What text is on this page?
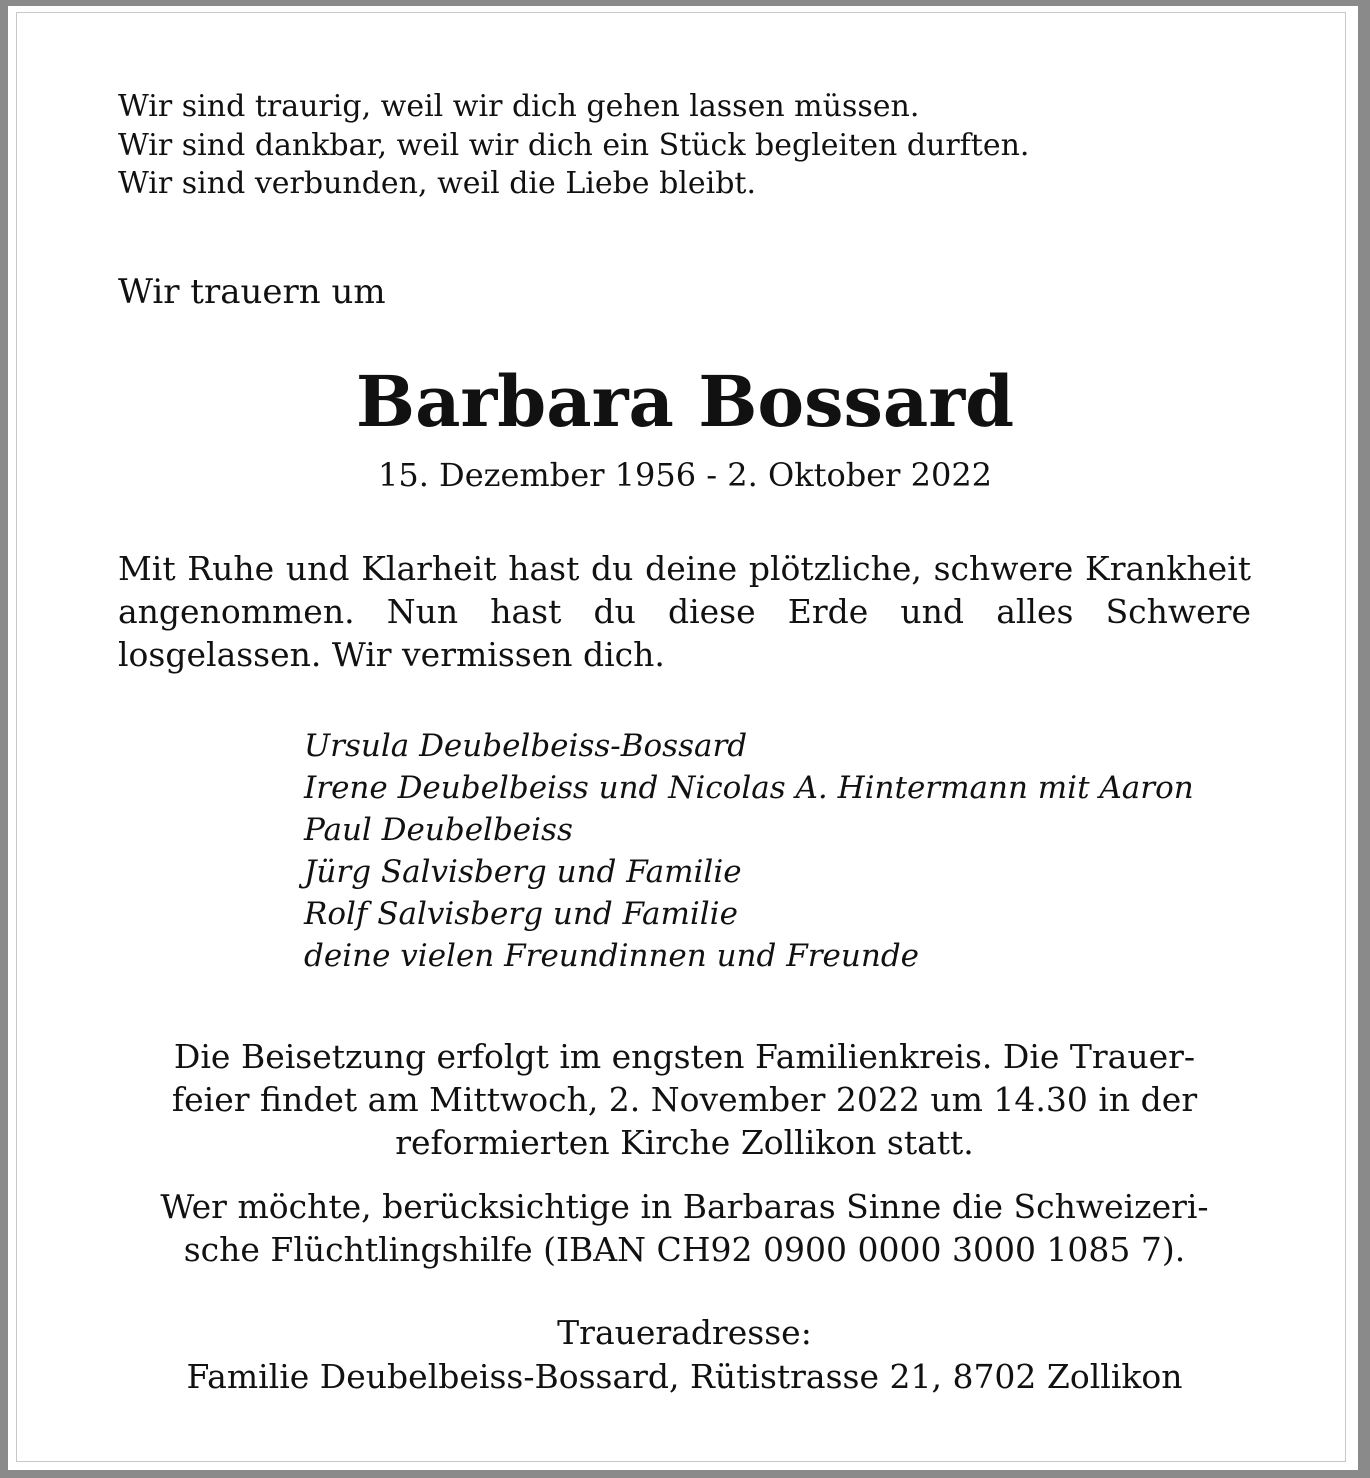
Wir sind traurig, weil wir dich gehen lassen müssen.
Wir sind dankbar, weil wir dich ein Stück begleiten durften.
Wir sind verbunden, weil die Liebe bleibt.
Wir trauern um
Barbara Bossard
15. Dezember 1956 - 2. Oktober 2022
Mit Ruhe und Klarheit hast du deine plötzliche, schwere Krankheit angenommen. Nun hast du diese Erde und alles Schwere losgelassen. Wir vermissen dich.
Ursula Deubelbeiss-Bossard
Irene Deubelbeiss und Nicolas A. Hintermann mit Aaron
Paul Deubelbeiss
Jürg Salvisberg und Familie
Rolf Salvisberg und Familie
deine vielen Freundinnen und Freunde
Die Beisetzung erfolgt im engsten Familienkreis. Die Trauer-
feier findet am Mittwoch, 2. November 2022 um 14.30 in der
reformierten Kirche Zollikon statt.
Wer möchte, berücksichtige in Barbaras Sinne die Schweizeri-
sche Flüchtlingshilfe (IBAN CH92 0900 0000 3000 1085 7).
Traueradresse:
Familie Deubelbeiss-Bossard, Rütistrasse 21, 8702 Zollikon
